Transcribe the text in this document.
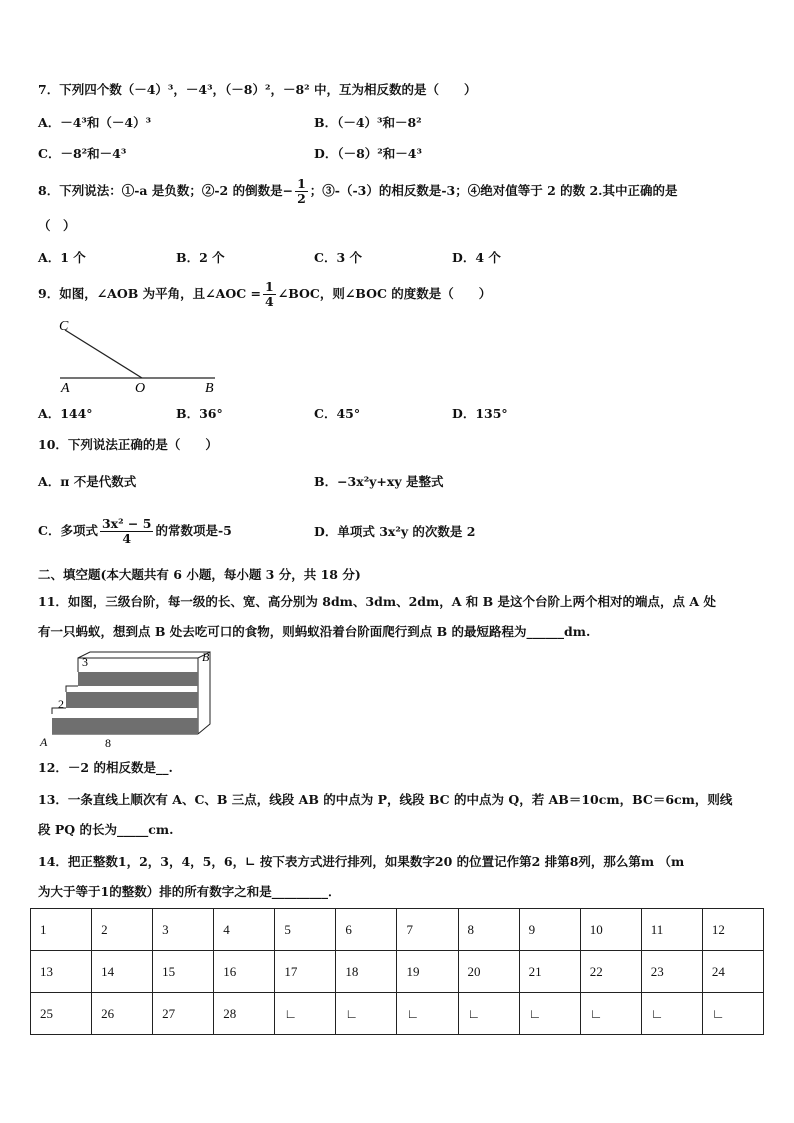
7．下列四个数（－4）³，－4³，（－8）²，－8² 中，互为相反数的是（　　）
A．－4³和（－4）³	B．（－4）³和－8²
C．－8²和－4³	D．（－8）²和－4³
8．下列说法：①-a 是负数；②-2 的倒数是− $\frac{1}{2}$ ；③-（-3）的相反数是-3；④绝对值等于 2 的数 2.其中正确的是
（　）
A．1 个	B．2 个	C．3 个	D．4 个
9．如图，∠AOB 为平角，且∠AOC = $\frac{1}{4}$ ∠BOC，则∠BOC 的度数是（　　）
C
A	O	B
A．144°	B．36°	C．45°	D．135°
10．下列说法正确的是（　　）
A．π 不是代数式	B．−3x²y+xy 是整式
C．多项式 $\frac{\text{3x² − 5}}{4}$ 的常数项是-5	D．单项式 3x²y 的次数是 2
二、填空题(本大题共有 6 小题，每小题 3 分，共 18 分)
11．如图，三级台阶，每一级的长、宽、高分别为 8dm、3dm、2dm，A 和 B 是这个台阶上两个相对的端点，点 A 处
有一只蚂蚁，想到点 B 处去吃可口的食物，则蚂蚁沿着台阶面爬行到点 B 的最短路程为______dm.
3	B
2
A	8
12．－2 的相反数是__.
13．一条直线上顺次有 A、C、B 三点，线段 AB 的中点为 P，线段 BC 的中点为 Q，若 AB＝10cm，BC＝6cm，则线
段 PQ 的长为_____cm.
14．把正整数1，2，3，4，5，6，∟ 按下表方式进行排列，如果数字20 的位置记作第2 排第8列，那么第m （m
为大于等于1的整数）排的所有数字之和是_________．
1	2	3	4	5	6	7	8	9	10	11	12
13	14	15	16	17	18	19	20	21	22	23	24
25	26	27	28	∟	∟	∟	∟	∟	∟	∟	∟
